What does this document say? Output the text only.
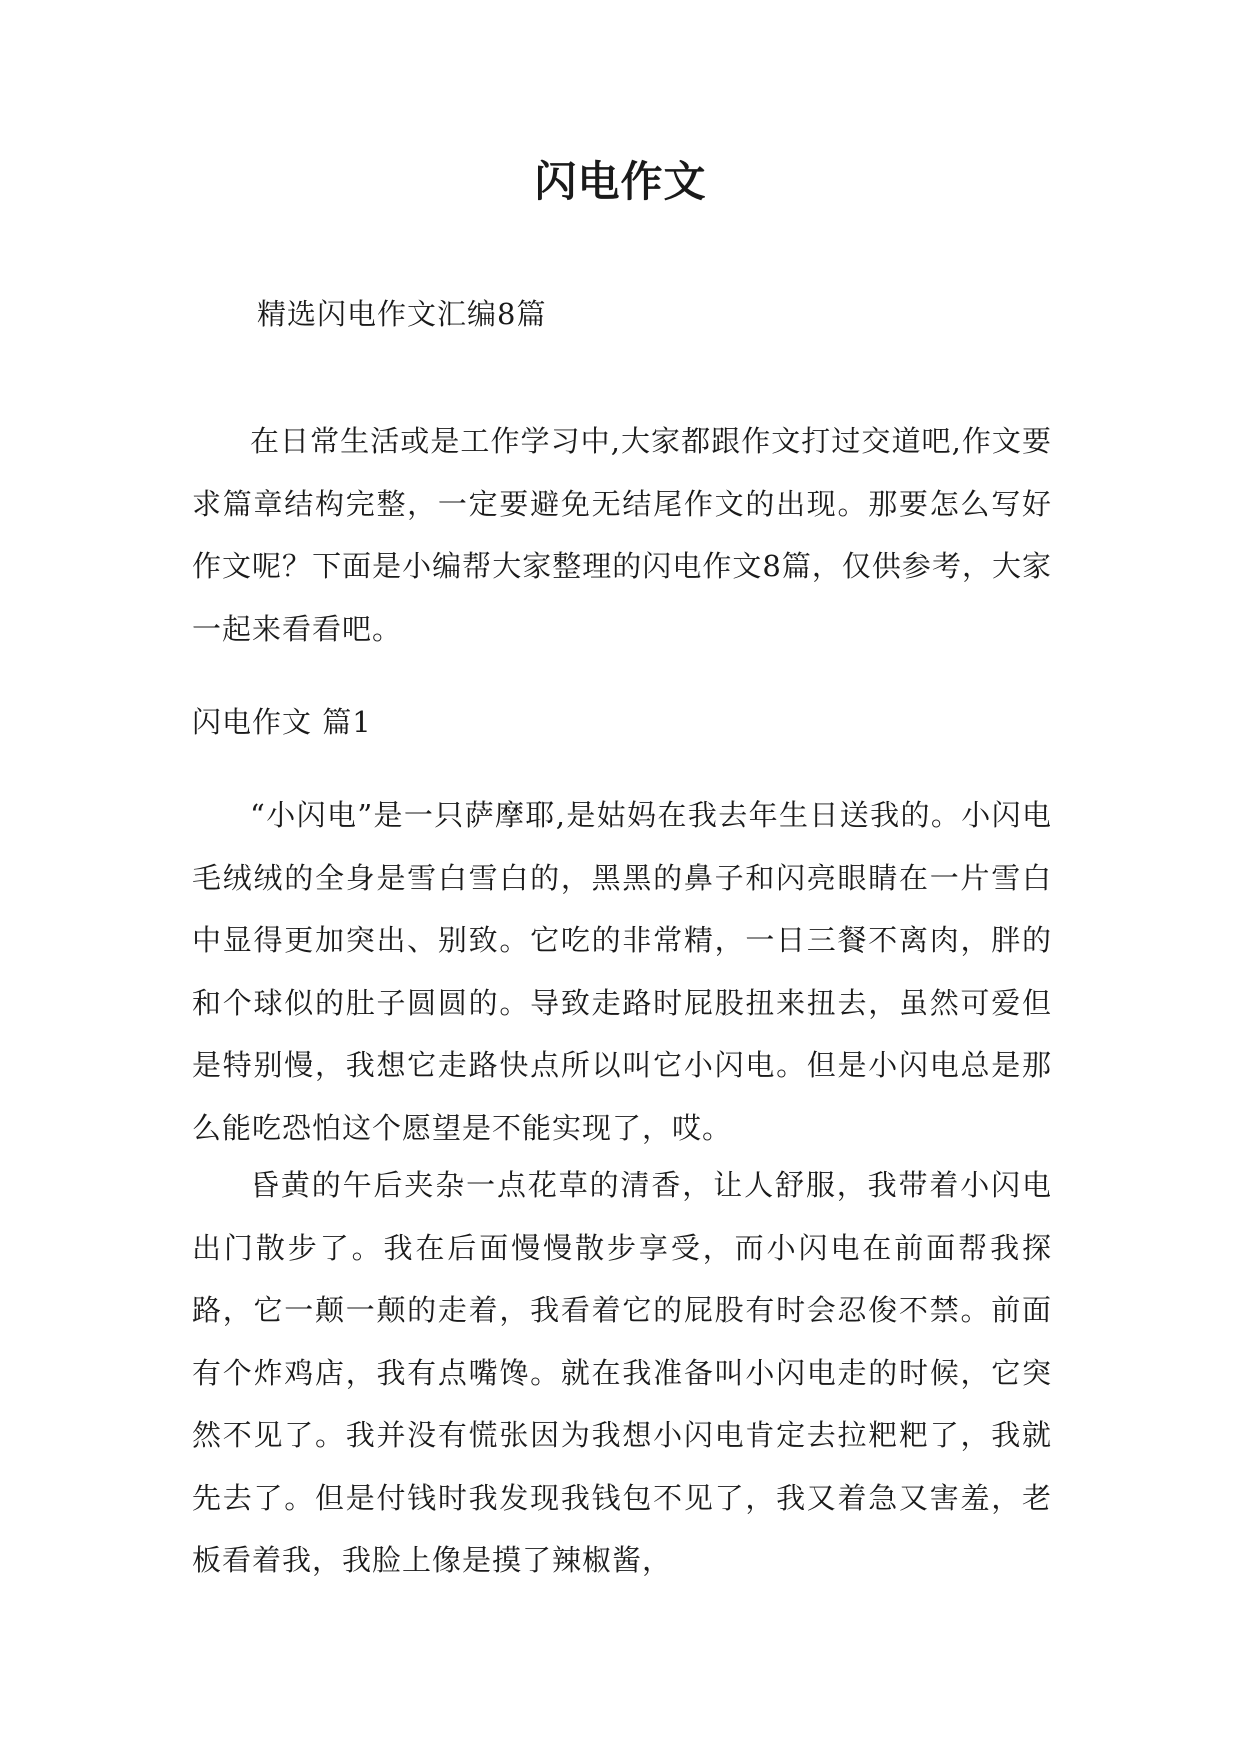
闪电作文

精选闪电作文汇编8篇

在日常生活或是工作学习中,大家都跟作文打过交道吧,作文要求篇章结构完整，一定要避免无结尾作文的出现。那要怎么写好作文呢？下面是小编帮大家整理的闪电作文8篇，仅供参考，大家一起来看看吧。

闪电作文 篇1

“小闪电”是一只萨摩耶,是姑妈在我去年生日送我的。小闪电毛绒绒的全身是雪白雪白的，黑黑的鼻子和闪亮眼睛在一片雪白中显得更加突出、别致。它吃的非常精，一日三餐不离肉，胖的和个球似的肚子圆圆的。导致走路时屁股扭来扭去，虽然可爱但是特别慢，我想它走路快点所以叫它小闪电。但是小闪电总是那么能吃恐怕这个愿望是不能实现了，哎。

昏黄的午后夹杂一点花草的清香，让人舒服，我带着小闪电出门散步了。我在后面慢慢散步享受，而小闪电在前面帮我探路，它一颠一颠的走着，我看着它的屁股有时会忍俊不禁。前面有个炸鸡店，我有点嘴馋。就在我准备叫小闪电走的时候，它突然不见了。我并没有慌张因为我想小闪电肯定去拉粑粑了，我就先去了。但是付钱时我发现我钱包不见了，我又着急又害羞，老板看着我，我脸上像是摸了辣椒酱，
